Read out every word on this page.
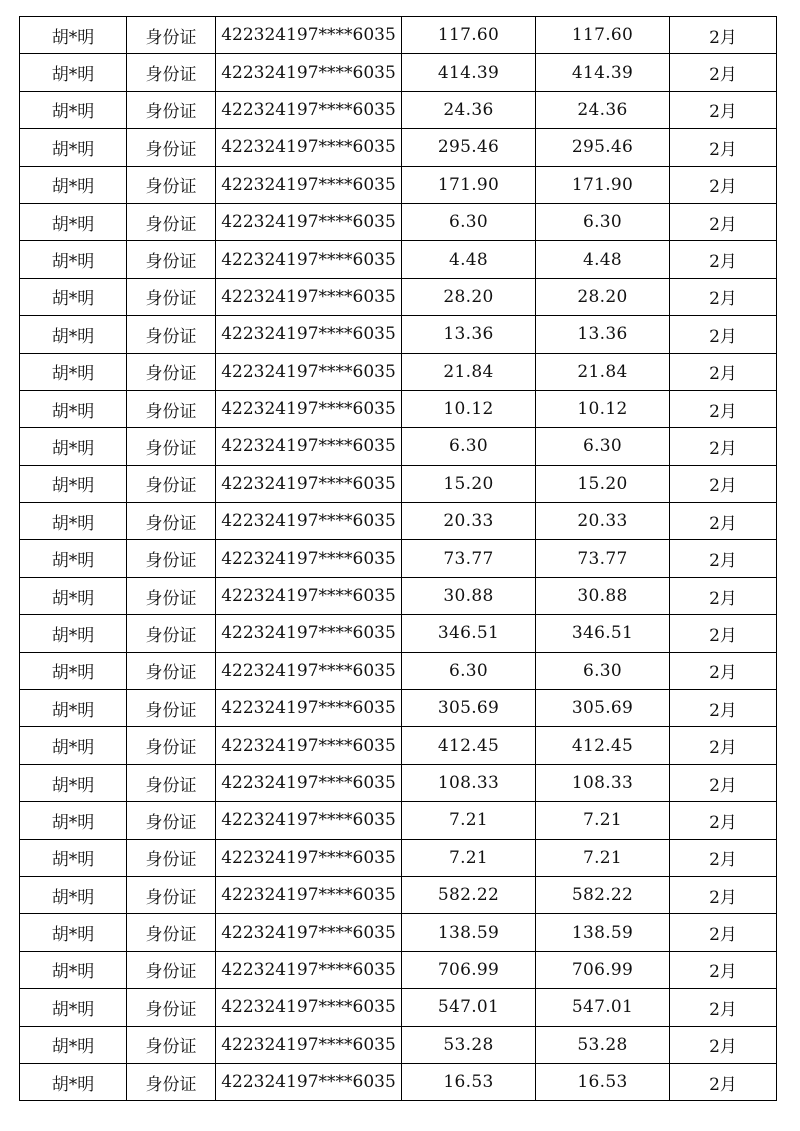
胡*明	身份证	422324197****6035	117.60	117.60	2月
胡*明	身份证	422324197****6035	414.39	414.39	2月
胡*明	身份证	422324197****6035	24.36	24.36	2月
胡*明	身份证	422324197****6035	295.46	295.46	2月
胡*明	身份证	422324197****6035	171.90	171.90	2月
胡*明	身份证	422324197****6035	6.30	6.30	2月
胡*明	身份证	422324197****6035	4.48	4.48	2月
胡*明	身份证	422324197****6035	28.20	28.20	2月
胡*明	身份证	422324197****6035	13.36	13.36	2月
胡*明	身份证	422324197****6035	21.84	21.84	2月
胡*明	身份证	422324197****6035	10.12	10.12	2月
胡*明	身份证	422324197****6035	6.30	6.30	2月
胡*明	身份证	422324197****6035	15.20	15.20	2月
胡*明	身份证	422324197****6035	20.33	20.33	2月
胡*明	身份证	422324197****6035	73.77	73.77	2月
胡*明	身份证	422324197****6035	30.88	30.88	2月
胡*明	身份证	422324197****6035	346.51	346.51	2月
胡*明	身份证	422324197****6035	6.30	6.30	2月
胡*明	身份证	422324197****6035	305.69	305.69	2月
胡*明	身份证	422324197****6035	412.45	412.45	2月
胡*明	身份证	422324197****6035	108.33	108.33	2月
胡*明	身份证	422324197****6035	7.21	7.21	2月
胡*明	身份证	422324197****6035	7.21	7.21	2月
胡*明	身份证	422324197****6035	582.22	582.22	2月
胡*明	身份证	422324197****6035	138.59	138.59	2月
胡*明	身份证	422324197****6035	706.99	706.99	2月
胡*明	身份证	422324197****6035	547.01	547.01	2月
胡*明	身份证	422324197****6035	53.28	53.28	2月
胡*明	身份证	422324197****6035	16.53	16.53	2月
